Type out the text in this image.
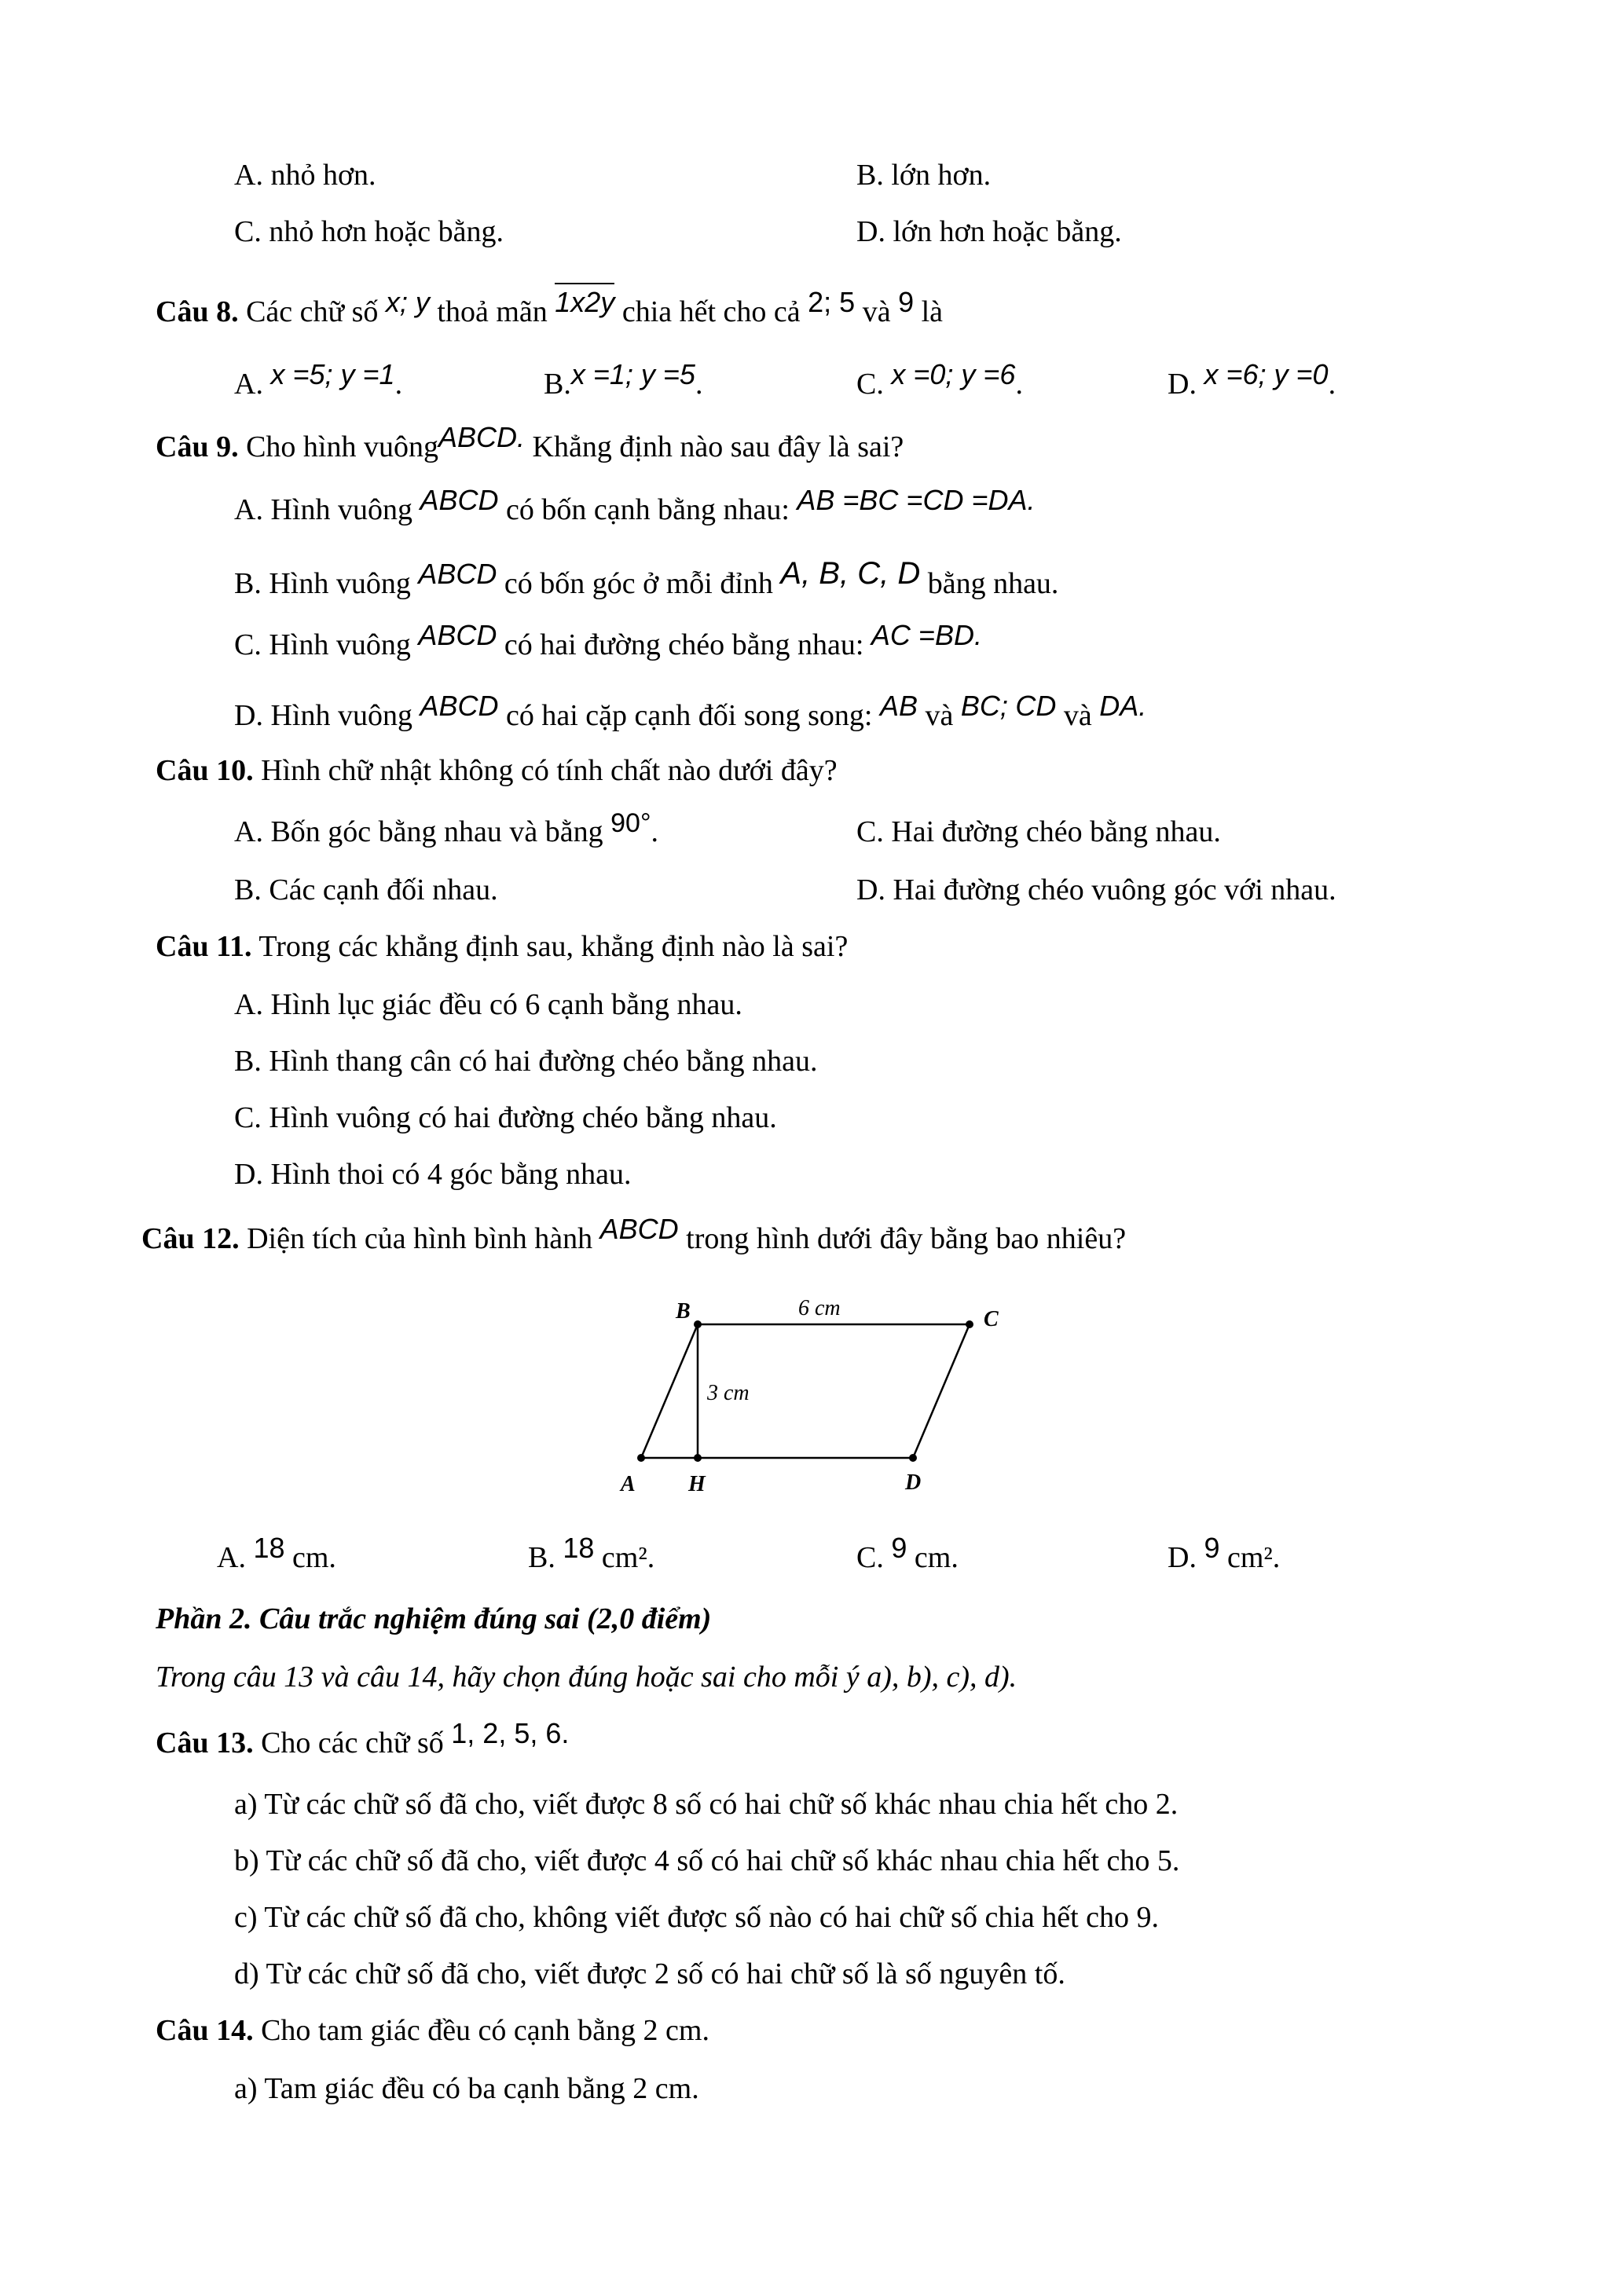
A. nhỏ hơn.	B. lớn hơn.
C. nhỏ hơn hoặc bằng.	D. lớn hơn hoặc bằng.
Câu 8. Các chữ số x; y thoả mãn 1x2y chia hết cho cả 2; 5 và 9 là
A. x =5; y =1.	B.x =1; y =5.	C. x =0; y =6.	D. x =6; y =0.
Câu 9. Cho hình vuôngABCD. Khẳng định nào sau đây là sai?
A. Hình vuông ABCD có bốn cạnh bằng nhau: AB =BC =CD =DA.
B. Hình vuông ABCD có bốn góc ở mỗi đỉnh A, B, C, D bằng nhau.
C. Hình vuông ABCD có hai đường chéo bằng nhau: AC =BD.
D. Hình vuông ABCD có hai cặp cạnh đối song song: AB và BC; CD và DA.
Câu 10. Hình chữ nhật không có tính chất nào dưới đây?
A. Bốn góc bằng nhau và bằng 90°.	C. Hai đường chéo bằng nhau.
B. Các cạnh đối nhau.	D. Hai đường chéo vuông góc với nhau.
Câu 11. Trong các khẳng định sau, khẳng định nào là sai?
A. Hình lục giác đều có 6 cạnh bằng nhau.
B. Hình thang cân có hai đường chéo bằng nhau.
C. Hình vuông có hai đường chéo bằng nhau.
D. Hình thoi có 4 góc bằng nhau.
Câu 12. Diện tích của hình bình hành ABCD trong hình dưới đây bằng bao nhiêu?
B	C
A H	D
6 cm
3 cm
A. 18 cm.	B. 18 cm².	C. 9 cm.	D. 9 cm².
Phần 2. Câu trắc nghiệm đúng sai (2,0 điểm)
Trong câu 13 và câu 14, hãy chọn đúng hoặc sai cho mỗi ý a), b), c), d).
Câu 13. Cho các chữ số 1, 2, 5, 6.
a) Từ các chữ số đã cho, viết được 8 số có hai chữ số khác nhau chia hết cho 2.
b) Từ các chữ số đã cho, viết được 4 số có hai chữ số khác nhau chia hết cho 5.
c) Từ các chữ số đã cho, không viết được số nào có hai chữ số chia hết cho 9.
d) Từ các chữ số đã cho, viết được 2 số có hai chữ số là số nguyên tố.
Câu 14. Cho tam giác đều có cạnh bằng 2 cm.
a) Tam giác đều có ba cạnh bằng 2 cm.
